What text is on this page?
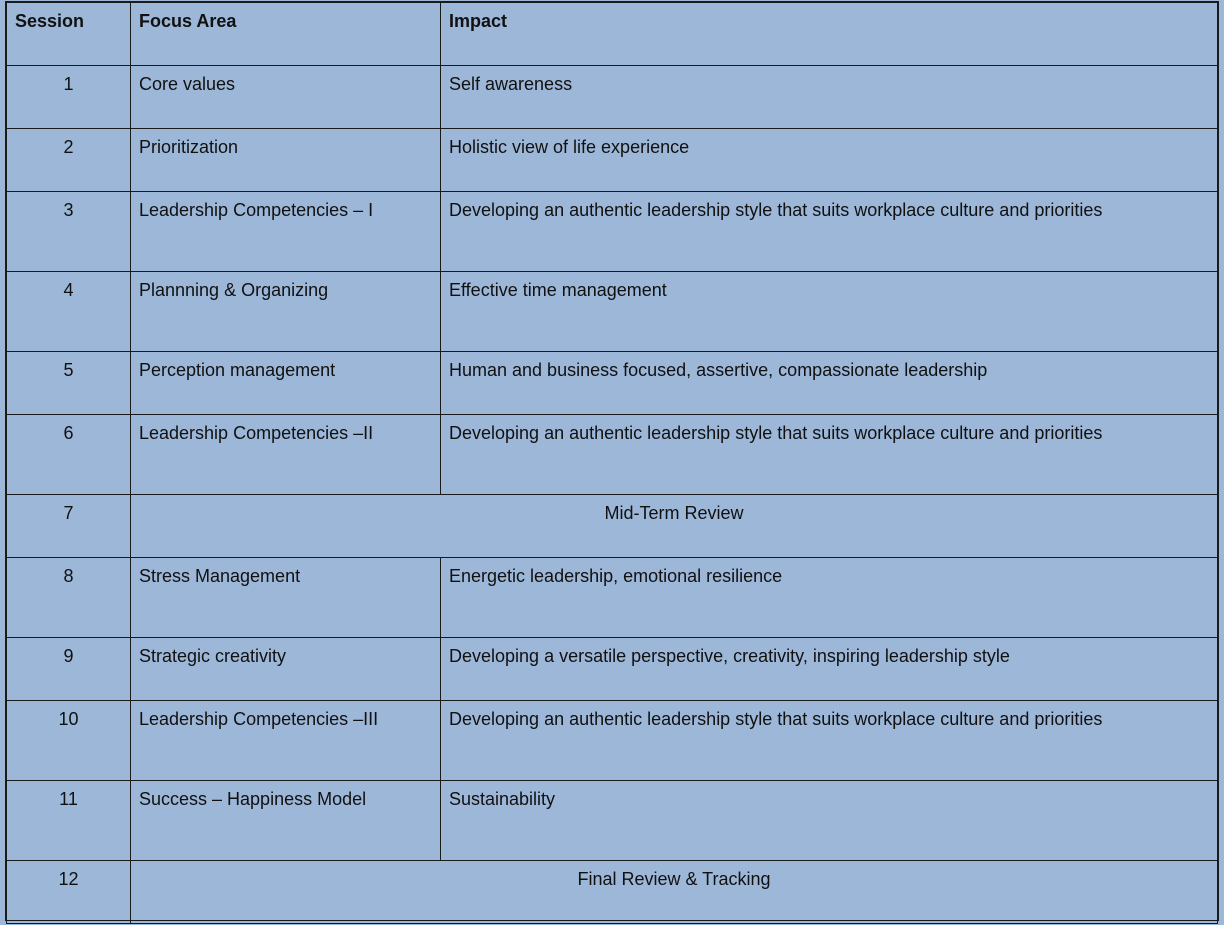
Session	Focus Area	Impact
1	Core values	Self awareness
2	Prioritization	Holistic view of life experience
3	Leadership Competencies – I	Developing an authentic leadership style that suits workplace culture and priorities
4	Plannning & Organizing	Effective time management
5	Perception management	Human and business focused, assertive, compassionate leadership
6	Leadership Competencies –II	Developing an authentic leadership style that suits workplace culture and priorities
7	Mid-Term Review	
8	Stress Management	Energetic leadership, emotional resilience
9	Strategic creativity	Developing a versatile perspective, creativity, inspiring leadership style
10	Leadership Competencies –III	Developing an authentic leadership style that suits workplace culture and priorities
11	Success – Happiness Model	Sustainability
12	Final Review & Tracking	
